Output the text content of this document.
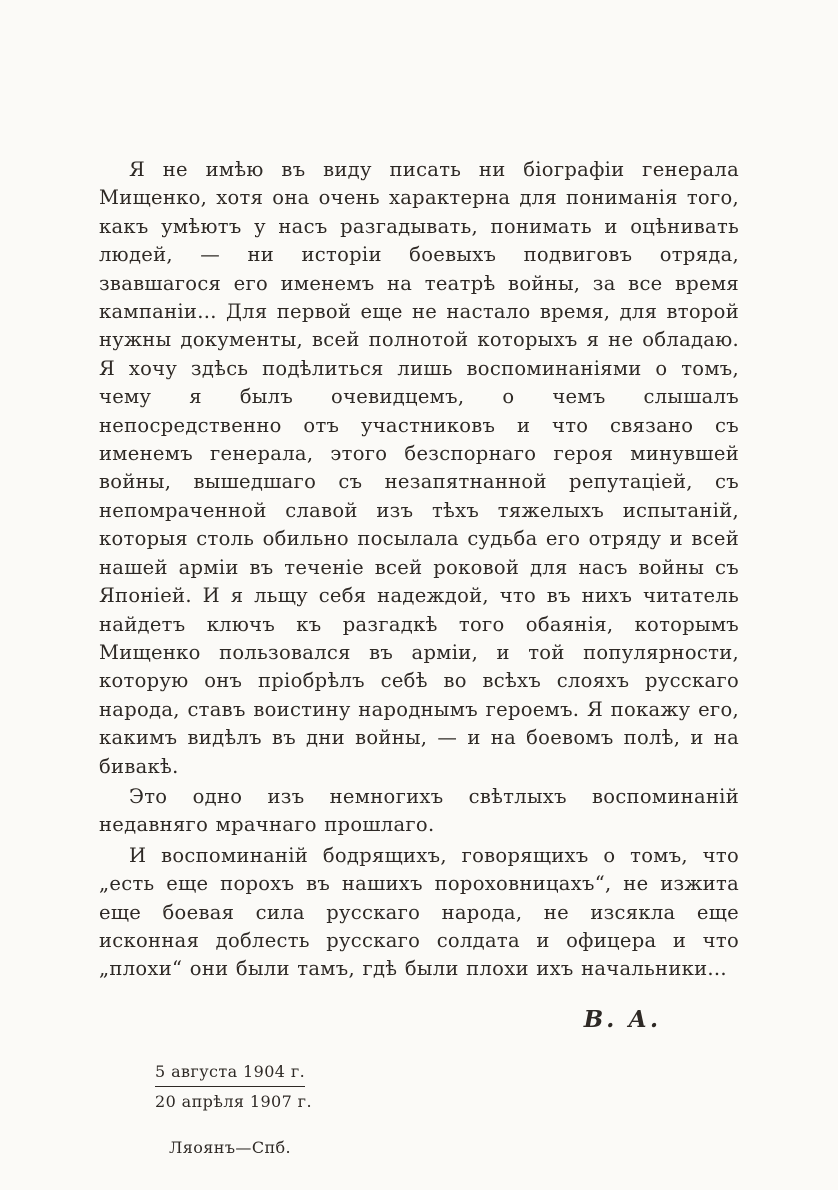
Я не имѣю въ виду писать ни біографіи генерала Мищенко, хотя она очень характерна для пониманія того, какъ умѣютъ у насъ разгадывать, понимать и оцѣнивать людей, — ни исторіи боевыхъ подвиговъ отряда, звавшагося его именемъ на театрѣ войны, за все время кампаніи... Для первой еще не настало время, для второй нужны документы, всей полнотой которыхъ я не обладаю. Я хочу здѣсь подѣлиться лишь воспоминаніями о томъ, чему я былъ очевидцемъ, о чемъ слышалъ непосредственно отъ участниковъ и что связано съ именемъ генерала, этого безспорнаго героя минувшей войны, вышедшаго съ незапятнанной репутаціей, съ непомраченной славой изъ тѣхъ тяжелыхъ испытаній, которыя столь обильно посылала судьба его отряду и всей нашей арміи въ теченіе всей роковой для насъ войны съ Японіей. И я льщу себя надеждой, что въ нихъ читатель найдетъ ключъ къ разгадкѣ того обаянія, которымъ Мищенко пользовался въ арміи, и той популярности, которую онъ пріобрѣлъ себѣ во всѣхъ слояхъ русскаго народа, ставъ воистину народнымъ героемъ. Я покажу его, какимъ видѣлъ въ дни войны, — и на боевомъ полѣ, и на бивакѣ.

Это одно изъ немногихъ свѣтлыхъ воспоминаній недавняго мрачнаго прошлаго.

И воспоминаній бодрящихъ, говорящихъ о томъ, что „есть еще порохъ въ нашихъ пороховницахъ“, не изжита еще боевая сила русскаго народа, не изсякла еще исконная доблесть русскаго солдата и офицера и что „плохи“ они были тамъ, гдѣ были плохи ихъ начальники...

В. А.

5 августа 1904 г.
20 апрѣля 1907 г.
Ляоянъ—Спб.
